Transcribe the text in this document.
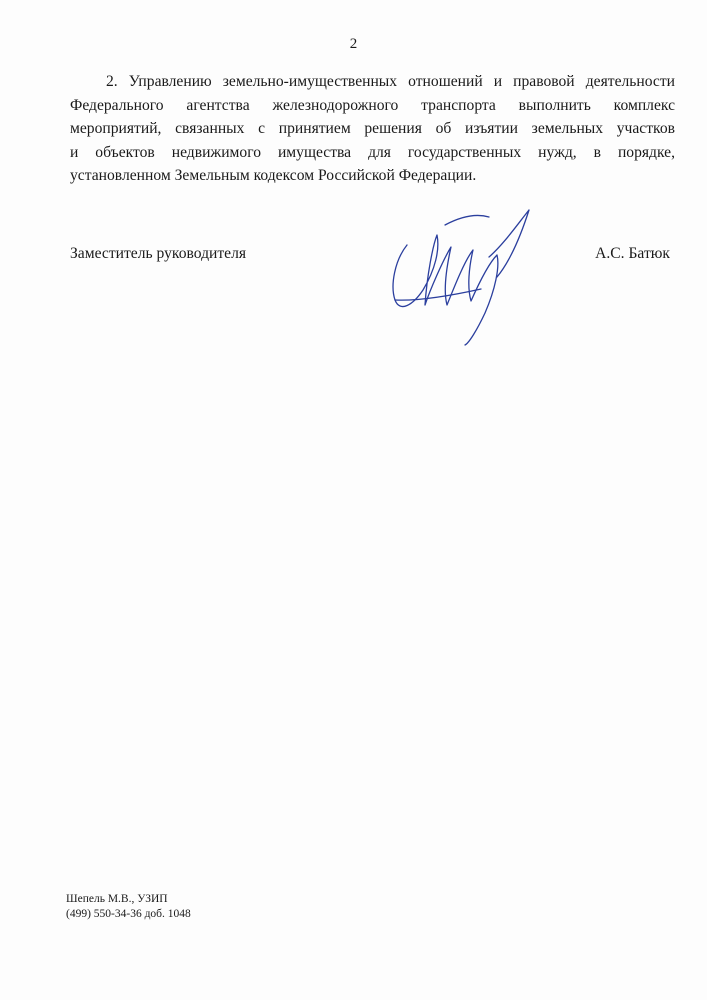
2
2. Управлению земельно-имущественных отношений и правовой деятельности
Федерального агентства железнодорожного транспорта выполнить комплекс
мероприятий, связанных с принятием решения об изъятии земельных участков
и объектов недвижимого имущества для государственных нужд, в порядке,
установленном Земельным кодексом Российской Федерации.
Заместитель руководителя	А.С. Батюк
Шепель М.В., УЗИП
(499) 550-34-36 доб. 1048
